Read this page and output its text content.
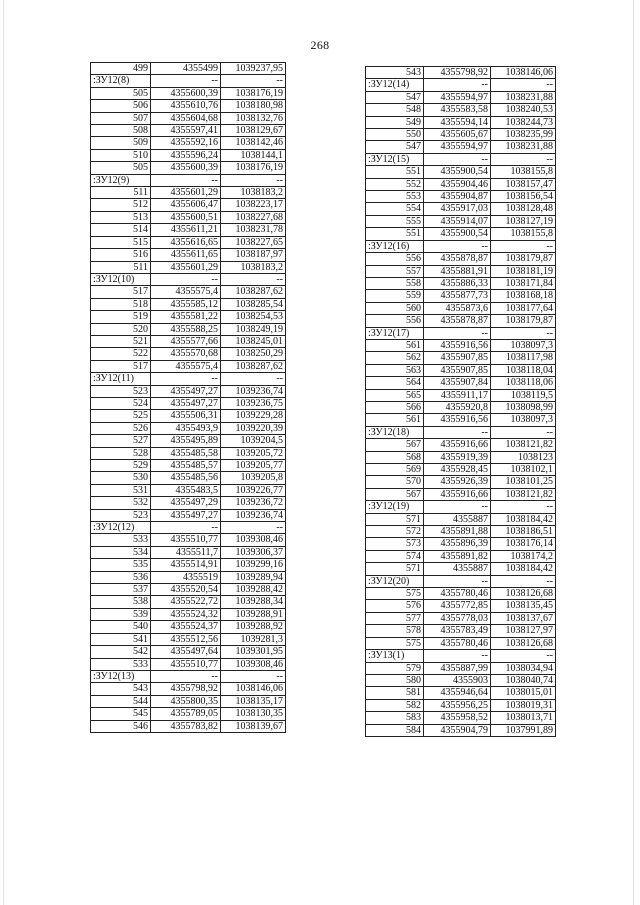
268
499	4355499	1039237,95
:ЗУ12(8)	--	--
505	4355600,39	1038176,19
506	4355610,76	1038180,98
507	4355604,68	1038132,76
508	4355597,41	1038129,67
509	4355592,16	1038142,46
510	4355596,24	1038144,1
505	4355600,39	1038176,19
:ЗУ12(9)	--	--
511	4355601,29	1038183,2
512	4355606,47	1038223,17
513	4355600,51	1038227,68
514	4355611,21	1038231,78
515	4355616,65	1038227,65
516	4355611,65	1038187,97
511	4355601,29	1038183,2
:ЗУ12(10)	--	--
517	4355575,4	1038287,62
518	4355585,12	1038285,54
519	4355581,22	1038254,53
520	4355588,25	1038249,19
521	4355577,66	1038245,01
522	4355570,68	1038250,29
517	4355575,4	1038287,62
:ЗУ12(11)	--	--
523	4355497,27	1039236,74
524	4355497,27	1039236,75
525	4355506,31	1039229,28
526	4355493,9	1039220,39
527	4355495,89	1039204,5
528	4355485,58	1039205,72
529	4355485,57	1039205,77
530	4355485,56	1039205,8
531	4355483,5	1039226,77
532	4355497,29	1039236,72
523	4355497,27	1039236,74
:ЗУ12(12)	--	--
533	4355510,77	1039308,46
534	4355511,7	1039306,37
535	4355514,91	1039299,16
536	4355519	1039289,94
537	4355520,54	1039288,42
538	4355522,72	1039288,34
539	4355524,32	1039288,91
540	4355524,37	1039288,92
541	4355512,56	1039281,3
542	4355497,64	1039301,95
533	4355510,77	1039308,46
:ЗУ12(13)	--	--
543	4355798,92	1038146,06
544	4355800,35	1038135,17
545	4355789,05	1038130,35
546	4355783,82	1038139,67
543	4355798,92	1038146,06
:ЗУ12(14)	--	--
547	4355594,97	1038231,88
548	4355583,58	1038240,53
549	4355594,14	1038244,73
550	4355605,67	1038235,99
547	4355594,97	1038231,88
:ЗУ12(15)	--	--
551	4355900,54	1038155,8
552	4355904,46	1038157,47
553	4355904,87	1038156,54
554	4355917,03	1038128,48
555	4355914,07	1038127,19
551	4355900,54	1038155,8
:ЗУ12(16)	--	--
556	4355878,87	1038179,87
557	4355881,91	1038181,19
558	4355886,33	1038171,84
559	4355877,73	1038168,18
560	4355873,6	1038177,64
556	4355878,87	1038179,87
:ЗУ12(17)	--	--
561	4355916,56	1038097,3
562	4355907,85	1038117,98
563	4355907,85	1038118,04
564	4355907,84	1038118,06
565	4355911,17	1038119,5
566	4355920,8	1038098,99
561	4355916,56	1038097,3
:ЗУ12(18)	--	--
567	4355916,66	1038121,82
568	4355919,39	1038123
569	4355928,45	1038102,1
570	4355926,39	1038101,25
567	4355916,66	1038121,82
:ЗУ12(19)	--	--
571	4355887	1038184,42
572	4355891,88	1038186,51
573	4355896,39	1038176,14
574	4355891,82	1038174,2
571	4355887	1038184,42
:ЗУ12(20)	--	--
575	4355780,46	1038126,68
576	4355772,85	1038135,45
577	4355778,03	1038137,67
578	4355783,49	1038127,97
575	4355780,46	1038126,68
:ЗУ13(1)	--	--
579	4355887,99	1038034,94
580	4355903	1038040,74
581	4355946,64	1038015,01
582	4355956,25	1038019,31
583	4355958,52	1038013,71
584	4355904,79	1037991,89
